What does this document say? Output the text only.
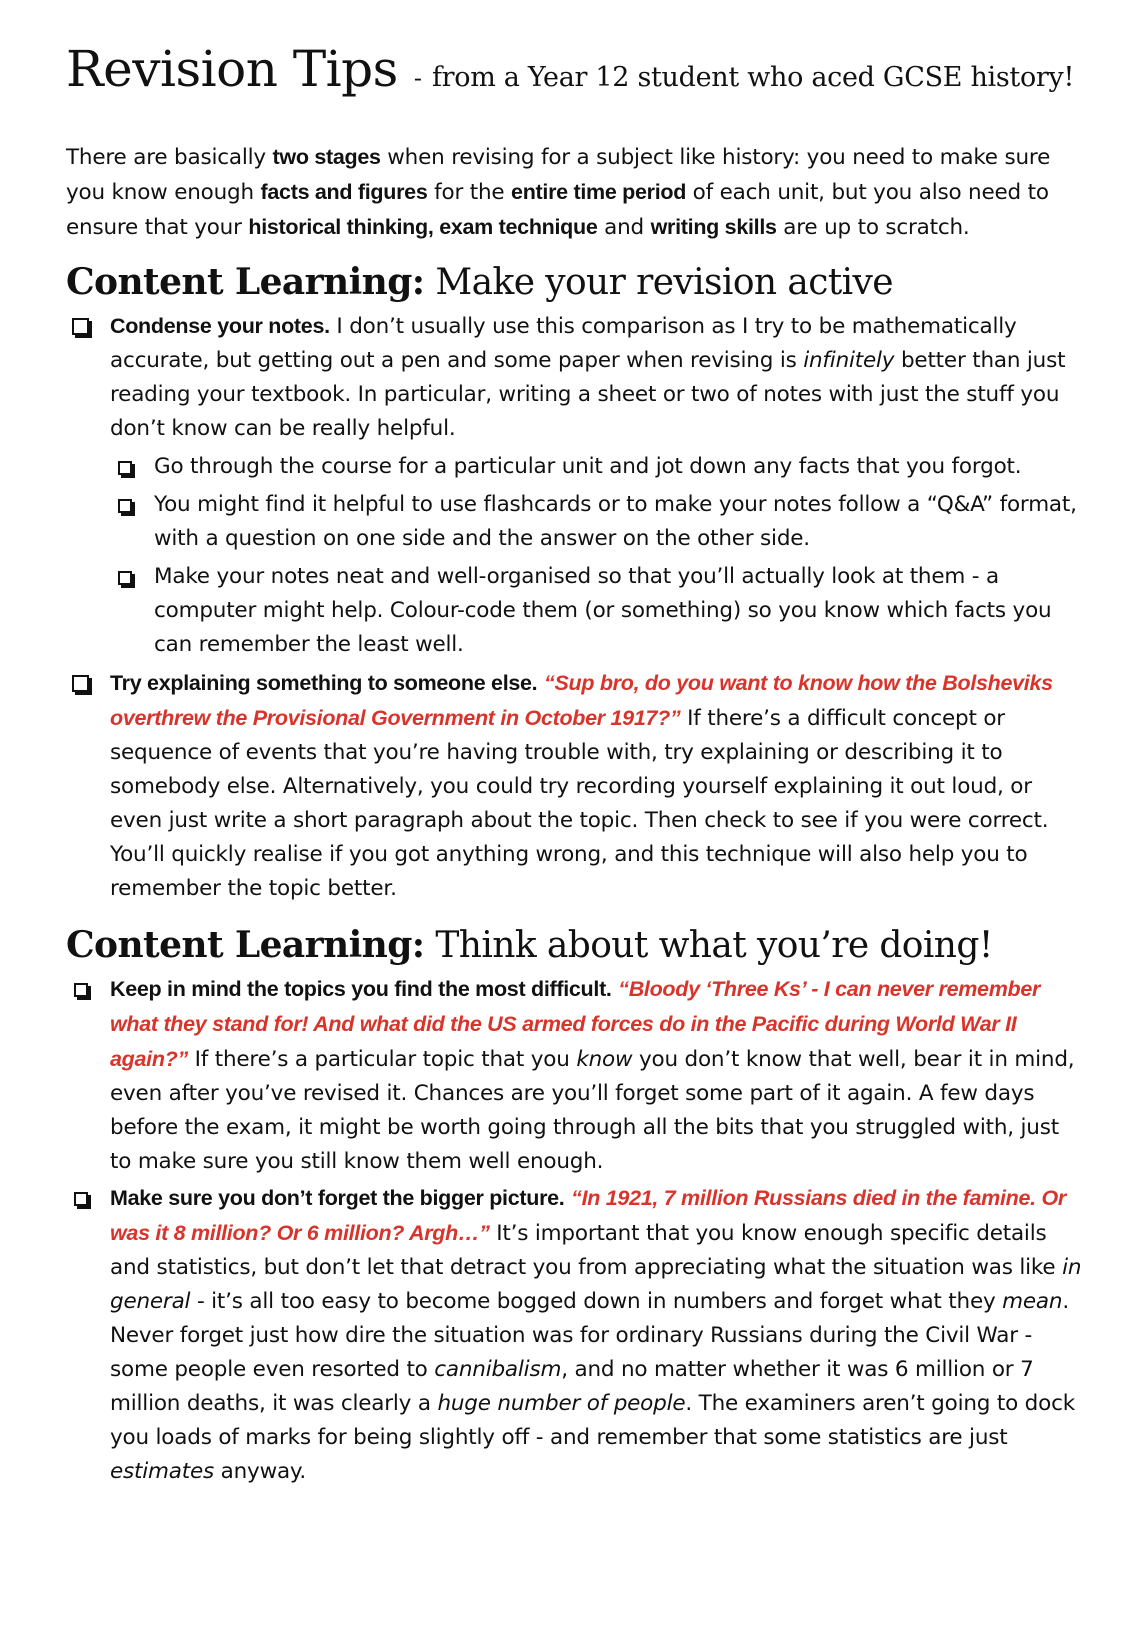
Revision Tips - from a Year 12 student who aced GCSE history!

There are basically two stages when revising for a subject like history: you need to make sure you know enough facts and figures for the entire time period of each unit, but you also need to ensure that your historical thinking, exam technique and writing skills are up to scratch.

Content Learning: Make your revision active
Condense your notes. I don’t usually use this comparison as I try to be mathematically accurate, but getting out a pen and some paper when revising is infinitely better than just reading your textbook. In particular, writing a sheet or two of notes with just the stuff you don’t know can be really helpful.
Go through the course for a particular unit and jot down any facts that you forgot.
You might find it helpful to use flashcards or to make your notes follow a “Q&A” format, with a question on one side and the answer on the other side.
Make your notes neat and well-organised so that you’ll actually look at them - a computer might help. Colour-code them (or something) so you know which facts you can remember the least well.
Try explaining something to someone else. “Sup bro, do you want to know how the Bolsheviks overthrew the Provisional Government in October 1917?” If there’s a difficult concept or sequence of events that you’re having trouble with, try explaining or describing it to somebody else. Alternatively, you could try recording yourself explaining it out loud, or even just write a short paragraph about the topic. Then check to see if you were correct. You’ll quickly realise if you got anything wrong, and this technique will also help you to remember the topic better.
Content Learning: Think about what you’re doing!
Keep in mind the topics you find the most difficult. “Bloody ‘Three Ks’ - I can never remember what they stand for! And what did the US armed forces do in the Pacific during World War II again?” If there’s a particular topic that you know you don’t know that well, bear it in mind, even after you’ve revised it. Chances are you’ll forget some part of it again. A few days before the exam, it might be worth going through all the bits that you struggled with, just to make sure you still know them well enough.
Make sure you don’t forget the bigger picture. “In 1921, 7 million Russians died in the famine. Or was it 8 million? Or 6 million? Argh…” It’s important that you know enough specific details and statistics, but don’t let that detract you from appreciating what the situation was like in general - it’s all too easy to become bogged down in numbers and forget what they mean. Never forget just how dire the situation was for ordinary Russians during the Civil War - some people even resorted to cannibalism, and no matter whether it was 6 million or 7 million deaths, it was clearly a huge number of people. The examiners aren’t going to dock you loads of marks for being slightly off - and remember that some statistics are just estimates anyway.
